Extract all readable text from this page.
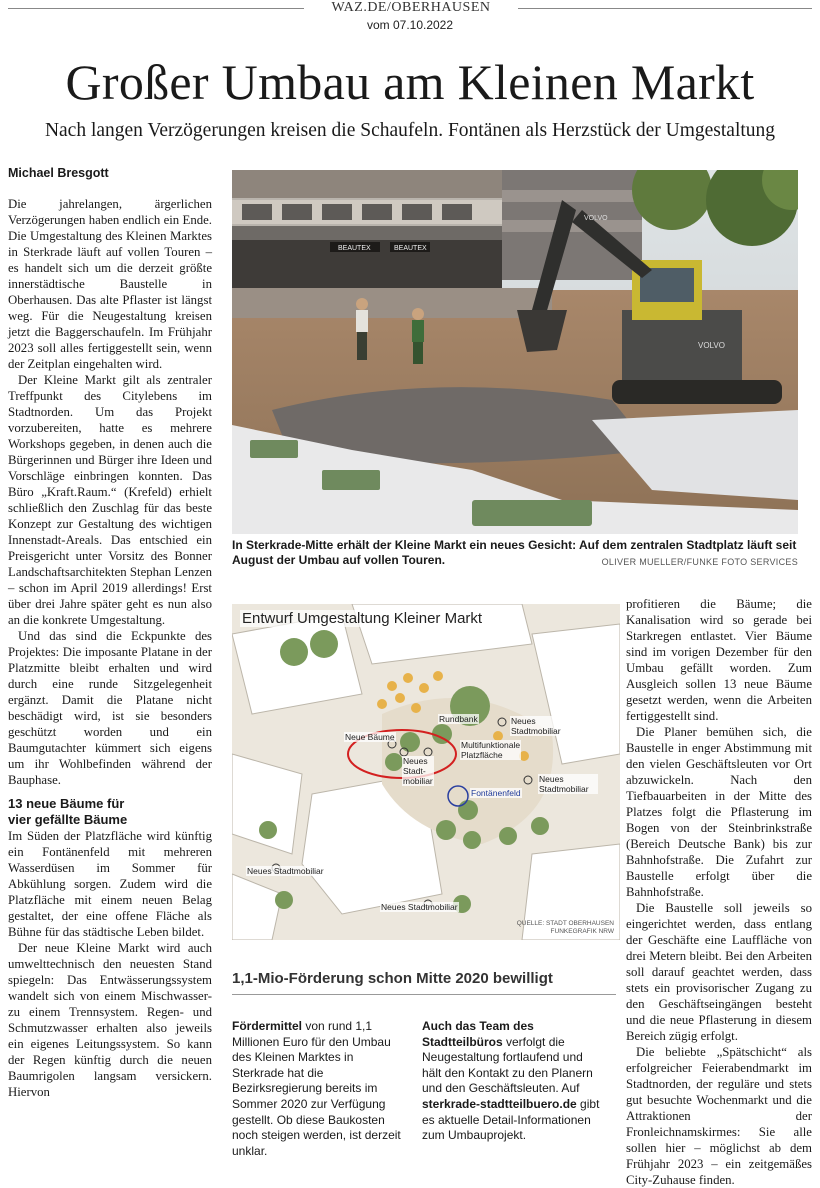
WAZ.DE/OBERHAUSEN
vom 07.10.2022
Großer Umbau am Kleinen Markt
Nach langen Verzögerungen kreisen die Schaufeln. Fontänen als Herzstück der Umgestaltung
Michael Bresgott

Die jahrelangen, ärgerlichen Verzögerungen haben endlich ein Ende. Die Umgestaltung des Kleinen Marktes in Sterkrade läuft auf vollen Touren – es handelt sich um die derzeit größte innerstädtische Baustelle in Oberhausen. Das alte Pflaster ist längst weg. Für die Neugestaltung kreisen jetzt die Baggerschaufeln. Im Frühjahr 2023 soll alles fertiggestellt sein, wenn der Zeitplan eingehalten wird.

Der Kleine Markt gilt als zentraler Treffpunkt des Citylebens im Stadtnorden. Um das Projekt vorzubereiten, hatte es mehrere Workshops gegeben, in denen auch die Bürgerinnen und Bürger ihre Ideen und Vorschläge einbringen konnten. Das Büro „Kraft.Raum.“ (Krefeld) erhielt schließlich den Zuschlag für das beste Konzept zur Gestaltung des wichtigen Innenstadt-Areals. Das entschied ein Preisgericht unter Vorsitz des Bonner Landschaftsarchitekten Stephan Lenzen – schon im April 2019 allerdings! Erst über drei Jahre später geht es nun also an die konkrete Umgestaltung.

Und das sind die Eckpunkte des Projektes: Die imposante Platane in der Platzmitte bleibt erhalten und wird durch eine runde Sitzgelegenheit ergänzt. Damit die Platane nicht beschädigt wird, ist sie besonders geschützt worden und ein Baumgutachter kümmert sich eigens um ihr Wohlbefinden während der Bauphase.

13 neue Bäume für

vier gefällte Bäume

Im Süden der Platzfläche wird künftig ein Fontänenfeld mit mehreren Wasserdüsen im Sommer für Abkühlung sorgen. Zudem wird die Platzfläche mit einem neuen Belag gestaltet, der eine offene Fläche als Bühne für das städtische Leben bildet.

Der neue Kleine Markt wird auch umwelttechnisch den neuesten Stand spiegeln: Das Entwässerungssystem wandelt sich von einem Mischwasser- zu einem Trennsystem. Regen- und Schmutzwasser erhalten also jeweils ein eigenes Leitungssystem. So kann der Regen künftig durch die neuen Baumrigolen langsam versickern. Hiervon

BEAUTEX	BEAUTEX
VOLVO
VOLVO
In Sterkrade-Mitte erhält der Kleine Markt ein neues Gesicht: Auf dem zentralen Stadtplatz läuft seit August der Umbau auf vollen Touren.	OLIVER MUELLER/FUNKE FOTO SERVICES
Entwurf Umgestaltung Kleiner Markt
Rundbank
Neue Bäume
Neues Stadtmobiliar
Neues
Stadt-
mobiliar
Multifunktionale
Platzfläche
Neues Stadtmobiliar
Fontänenfeld
Neues Stadtmobiliar
Neues Stadtmobiliar
QUELLE: STADT OBERHAUSEN
FUNKEGRAFIK NRW
1,1-Mio-Förderung schon Mitte 2020 bewilligt
Fördermittel von rund 1,1 Millionen Euro für den Umbau des Kleinen Marktes in Sterkrade hat die Bezirksregierung bereits im Sommer 2020 zur Verfügung gestellt. Ob diese Baukosten noch steigen werden, ist derzeit unklar.
Auch das Team des Stadtteilbüros verfolgt die Neugestaltung fortlaufend und hält den Kontakt zu den Planern und den Geschäftsleuten. Auf sterkrade-stadtteilbuero.de gibt es aktuelle Detail-Informationen zum Umbauprojekt.

profitieren die Bäume; die Kanalisation wird so gerade bei Starkregen entlastet. Vier Bäume sind im vorigen Dezember für den Umbau gefällt worden. Zum Ausgleich sollen 13 neue Bäume gesetzt werden, wenn die Arbeiten fertiggestellt sind.

Die Planer bemühen sich, die Baustelle in enger Abstimmung mit den vielen Geschäftsleuten vor Ort abzuwickeln. Nach den Tiefbauarbeiten in der Mitte des Platzes folgt die Pflasterung im Bogen von der Steinbrinkstraße (Bereich Deutsche Bank) bis zur Bahnhofstraße. Die Zufahrt zur Baustelle erfolgt über die Bahnhofstraße.

Die Baustelle soll jeweils so eingerichtet werden, dass entlang der Geschäfte eine Lauffläche von drei Metern bleibt. Bei den Arbeiten soll darauf geachtet werden, dass stets ein provisorischer Zugang zu den Geschäftseingängen besteht und die neue Pflasterung in diesem Bereich zügig erfolgt.

Die beliebte „Spätschicht“ als erfolgreicher Feierabendmarkt im Stadtnorden, der reguläre und stets gut besuchte Wochenmarkt und die Attraktionen der Fronleichnamskirmes: Sie alle sollen hier – möglichst ab dem Frühjahr 2023 – ein zeitgemäßes City-Zuhause finden.
